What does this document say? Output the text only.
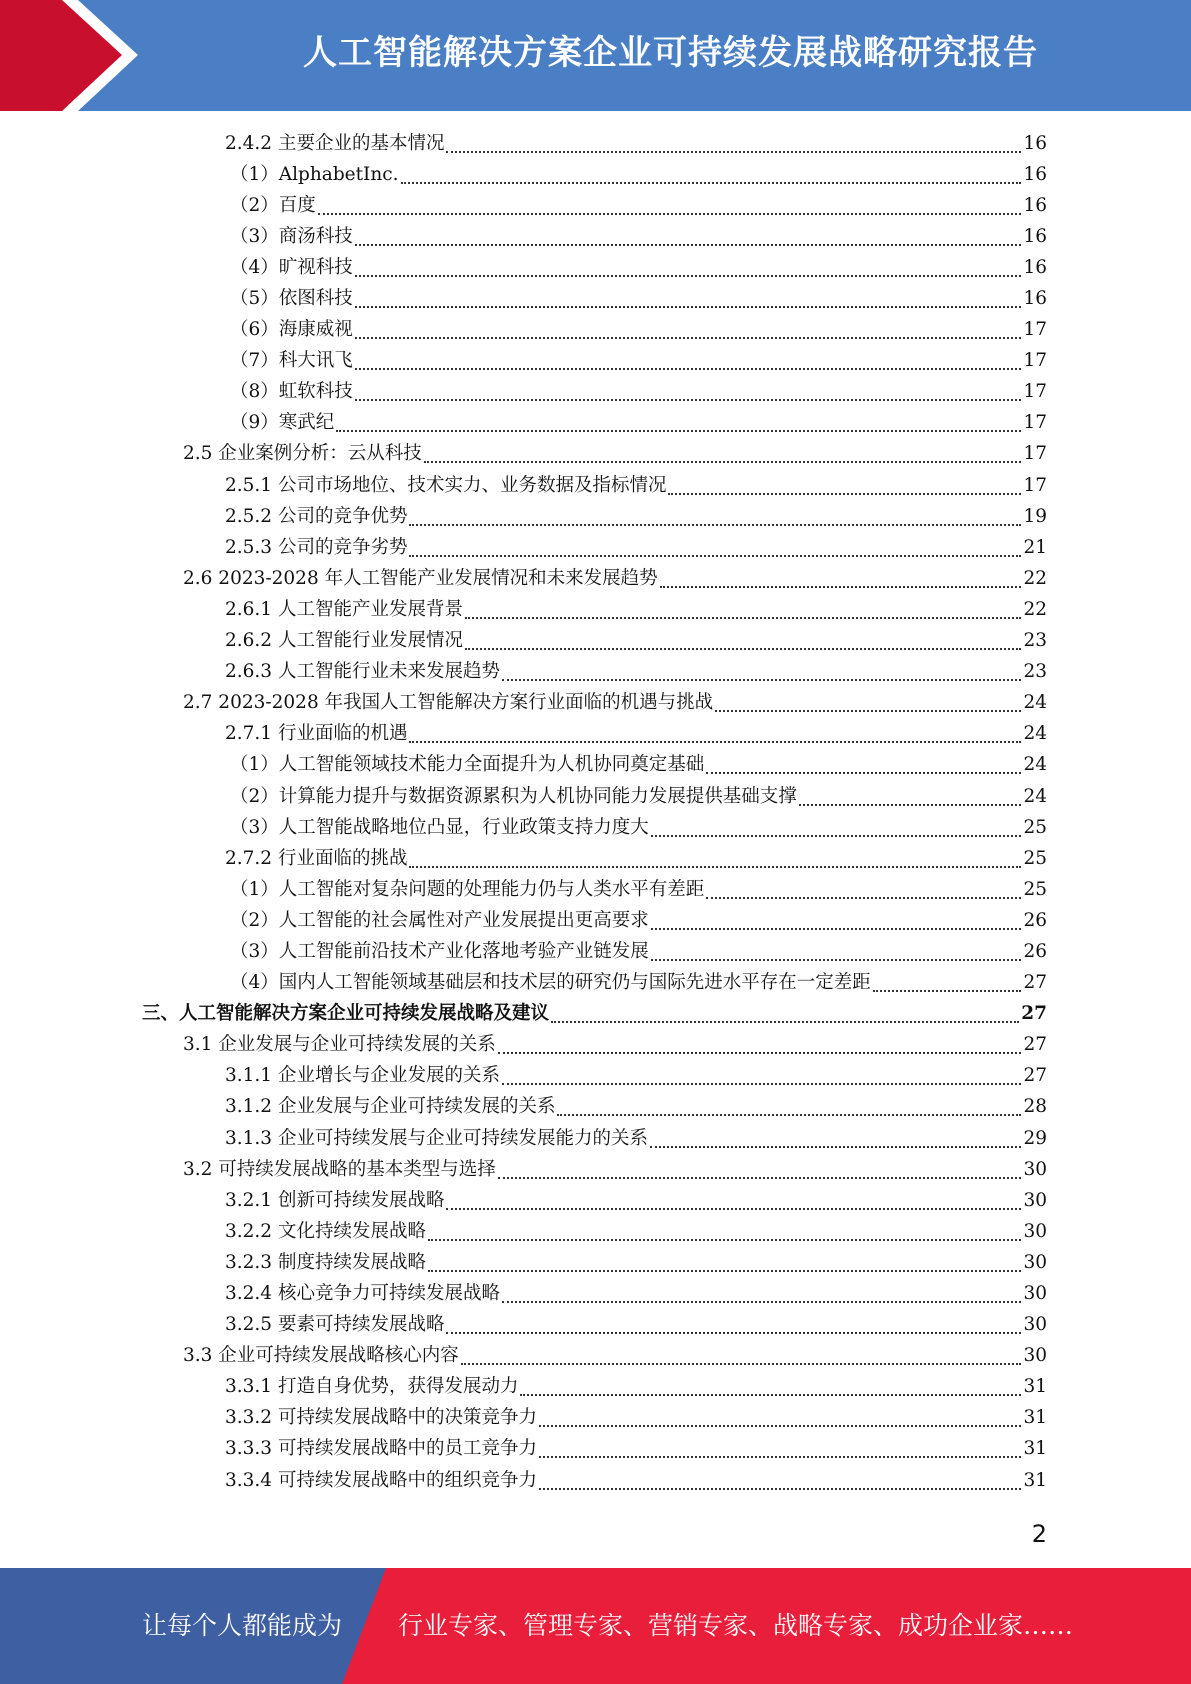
人工智能解决方案企业可持续发展战略研究报告
2.4.2 主要企业的基本情况	16
（1）AlphabetInc.	16
（2）百度	16
（3）商汤科技	16
（4）旷视科技	16
（5）依图科技	16
（6）海康威视	17
（7）科大讯飞	17
（8）虹软科技	17
（9）寒武纪	17
2.5 企业案例分析：云从科技	17
2.5.1 公司市场地位、技术实力、业务数据及指标情况	17
2.5.2 公司的竞争优势	19
2.5.3 公司的竞争劣势	21
2.6 2023-2028 年人工智能产业发展情况和未来发展趋势	22
2.6.1 人工智能产业发展背景	22
2.6.2 人工智能行业发展情况	23
2.6.3 人工智能行业未来发展趋势	23
2.7 2023-2028 年我国人工智能解决方案行业面临的机遇与挑战	24
2.7.1 行业面临的机遇	24
（1）人工智能领域技术能力全面提升为人机协同奠定基础	24
（2）计算能力提升与数据资源累积为人机协同能力发展提供基础支撑	24
（3）人工智能战略地位凸显，行业政策支持力度大	25
2.7.2 行业面临的挑战	25
（1）人工智能对复杂问题的处理能力仍与人类水平有差距	25
（2）人工智能的社会属性对产业发展提出更高要求	26
（3）人工智能前沿技术产业化落地考验产业链发展	26
（4）国内人工智能领域基础层和技术层的研究仍与国际先进水平存在一定差距	27
三、人工智能解决方案企业可持续发展战略及建议	27
3.1 企业发展与企业可持续发展的关系	27
3.1.1 企业增长与企业发展的关系	27
3.1.2 企业发展与企业可持续发展的关系	28
3.1.3 企业可持续发展与企业可持续发展能力的关系	29
3.2 可持续发展战略的基本类型与选择	30
3.2.1 创新可持续发展战略	30
3.2.2 文化持续发展战略	30
3.2.3 制度持续发展战略	30
3.2.4 核心竞争力可持续发展战略	30
3.2.5 要素可持续发展战略	30
3.3 企业可持续发展战略核心内容	30
3.3.1 打造自身优势，获得发展动力	31
3.3.2 可持续发展战略中的决策竞争力	31
3.3.3 可持续发展战略中的员工竞争力	31
3.3.4 可持续发展战略中的组织竞争力	31
2
让每个人都能成为 行业专家、管理专家、营销专家、战略专家、成功企业家……
